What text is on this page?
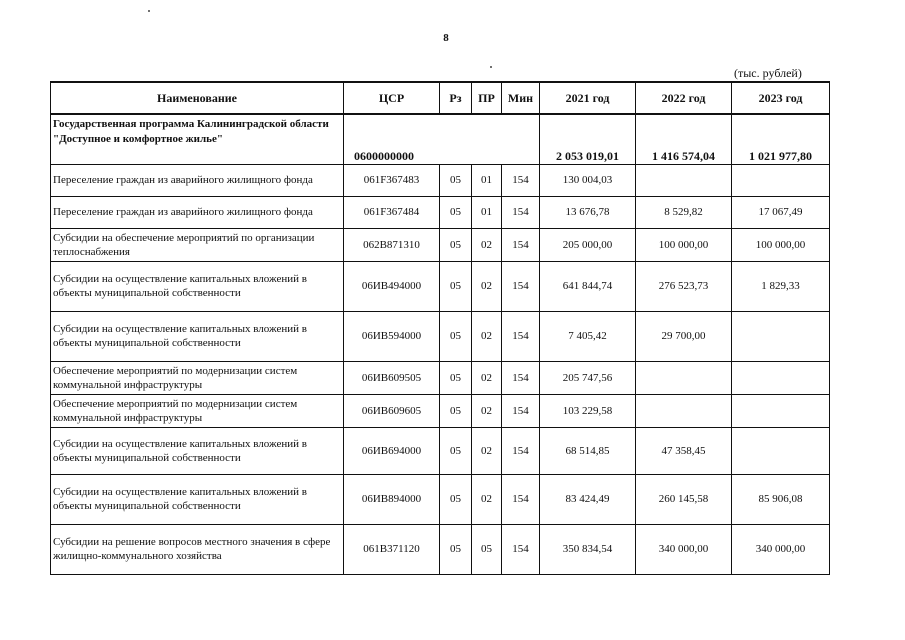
8
(тыс. рублей)
Наименование	ЦСР	Рз	ПР	Мин	2021 год	2022 год	2023 год
Государственная программа Калининградской области "Доступное и комфортное жилье"	0600000000				2 053 019,01	1 416 574,04	1 021 977,80
Переселение граждан из аварийного жилищного фонда	061F367483	05	01	154	130 004,03		
Переселение граждан из аварийного жилищного фонда	061F367484	05	01	154	13 676,78	8 529,82	17 067,49
Субсидии на обеспечение мероприятий по организации теплоснабжения	062В871310	05	02	154	205 000,00	100 000,00	100 000,00
Субсидии на осуществление капитальных вложений в объекты муниципальной собственности	06ИВ494000	05	02	154	641 844,74	276 523,73	1 829,33
Субсидии на осуществление капитальных вложений в объекты муниципальной собственности	06ИВ594000	05	02	154	7 405,42	29 700,00	
Обеспечение мероприятий по модернизации систем коммунальной инфраструктуры	06ИВ609505	05	02	154	205 747,56		
Обеспечение мероприятий по модернизации систем коммунальной инфраструктуры	06ИВ609605	05	02	154	103 229,58		
Субсидии на осуществление капитальных вложений в объекты муниципальной собственности	06ИВ694000	05	02	154	68 514,85	47 358,45	
Субсидии на осуществление капитальных вложений в объекты муниципальной собственности	06ИВ894000	05	02	154	83 424,49	260 145,58	85 906,08
Субсидии на решение вопросов местного значения в сфере жилищно-коммунального хозяйства	061В371120	05	05	154	350 834,54	340 000,00	340 000,00
